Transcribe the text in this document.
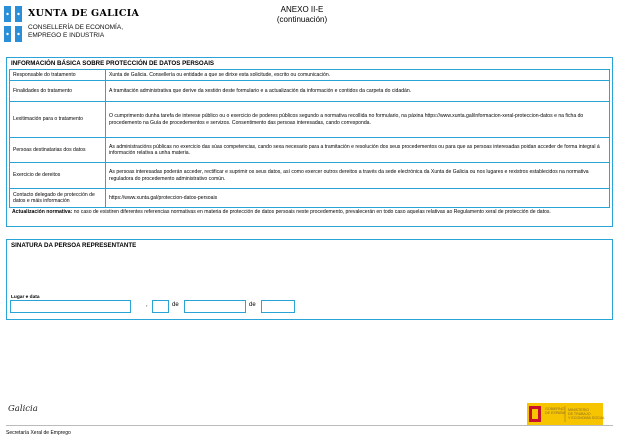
XUNTA DE GALICIA
CONSELLERÍA DE ECONOMÍA,
EMPREGO E INDUSTRIA
ANEXO II-E
(continuación)
INFORMACIÓN BÁSICA SOBRE PROTECCIÓN DE DATOS PERSOAIS
Responsable do tratamento	Xunta de Galicia. Consellería ou entidade a que se dirixe esta solicitude, escrito ou comunicación.
Finalidades do tratamento	A tramitación administrativa que derive da xestión deste formulario e a actualización da información e contidos da carpeta do cidadán.
Lexitimación para o tratamento	O cumprimento dunha tarefa de interese público ou o exercicio de poderes públicos segundo a normativa recollida no formulario, na páxina https://www.xunta.gal/informacion-xeral-proteccion-datos e na ficha do procedemento na Guía de procedementos e servizos. Consentimento das persoas interesadas, cando corresponda.
Persoas destinatarias dos datos	As administracións públicas no exercicio das súas competencias, cando sexa necesario para a tramitación e resolución dos seus procedementos ou para que as persoas interesadas poidan acceder de forma integral á información relativa a unha materia.
Exercicio de dereitos	As persoas interesadas poderán acceder, rectificar e suprimir os seus datos, así como exercer outros dereitos a través da sede electrónica da Xunta de Galicia ou nos lugares e rexistros establecidos na normativa reguladora do procedemento administrativo común.
Contacto delegado de protección de datos e máis información	https://www.xunta.gal/proteccion-datos-persoais
Actualización normativa: no caso de existiren diferentes referencias normativas en materia de protección de datos persoais neste procedemento, prevalecerán en todo caso aquelas relativas ao Regulamento xeral de protección de datos.
SINATURA DA PERSOA REPRESENTANTE
Lugar e data
,	de	de
Galicia	GOBIERNO
DE ESPAÑA
MINISTERIO
DE TRABAJO
Y ECONOMÍA SOCIAL
Secretaría Xeral de Emprego
